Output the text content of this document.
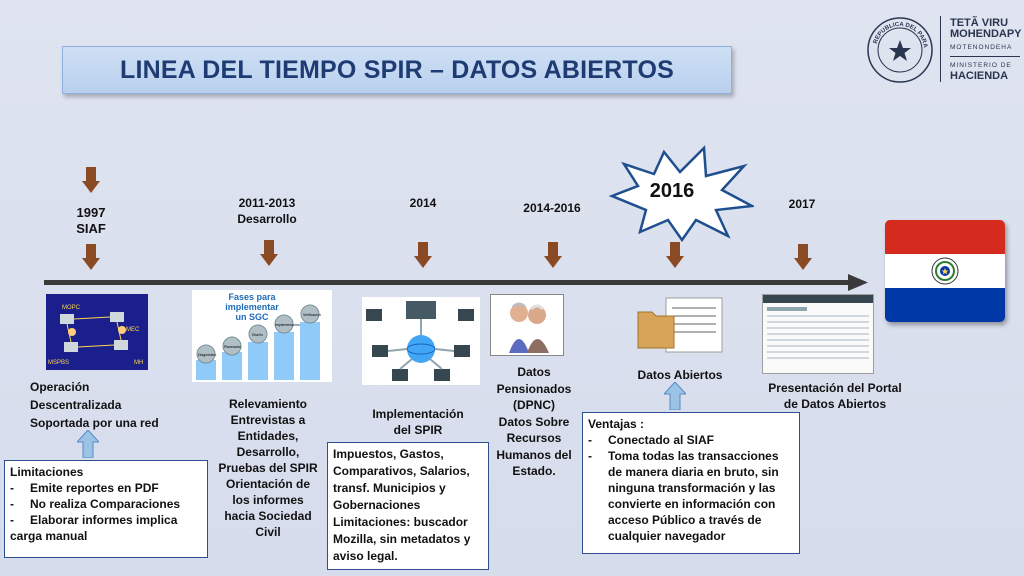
LINEA DEL TIEMPO SPIR – DATOS ABIERTOS
REPUBLICA DEL PARA
TETÃ VIRU
MOHENDAPY
MOTENONDEHA
MINISTERIO DE
HACIENDA
1997
SIAF
2011-2013
Desarrollo
2014	2014-2016	2017
2016
MOPC
MEC
MSPBS	MH
Fases para implementar
un SGC
Diagnóstico
Planeación
Diseño
Implementación
Verificación
Operación
Descentralizada
Soportada por una red
Relevamiento
Entrevistas a
Entidades,
Desarrollo,
Pruebas del SPIR
Orientación de
los informes
hacia Sociedad
Civil
Implementación
del SPIR
Datos
Pensionados
(DPNC)
Datos Sobre
Recursos
Humanos del
Estado.
Datos Abiertos
Presentación del Portal
de Datos Abiertos
Limitaciones
- Emite reportes en PDF
- No realiza Comparaciones
- Elaborar informes implica
carga manual
Impuestos, Gastos,
Comparativos, Salarios,
transf. Municipios y
Gobernaciones
Limitaciones: buscador
Mozilla, sin metadatos y
aviso legal.
Ventajas :
- Conectado al SIAF
- Toma todas las transacciones
de manera diaria en bruto, sin
ninguna transformación y las
convierte en información con
acceso Público a través de
cualquier navegador
